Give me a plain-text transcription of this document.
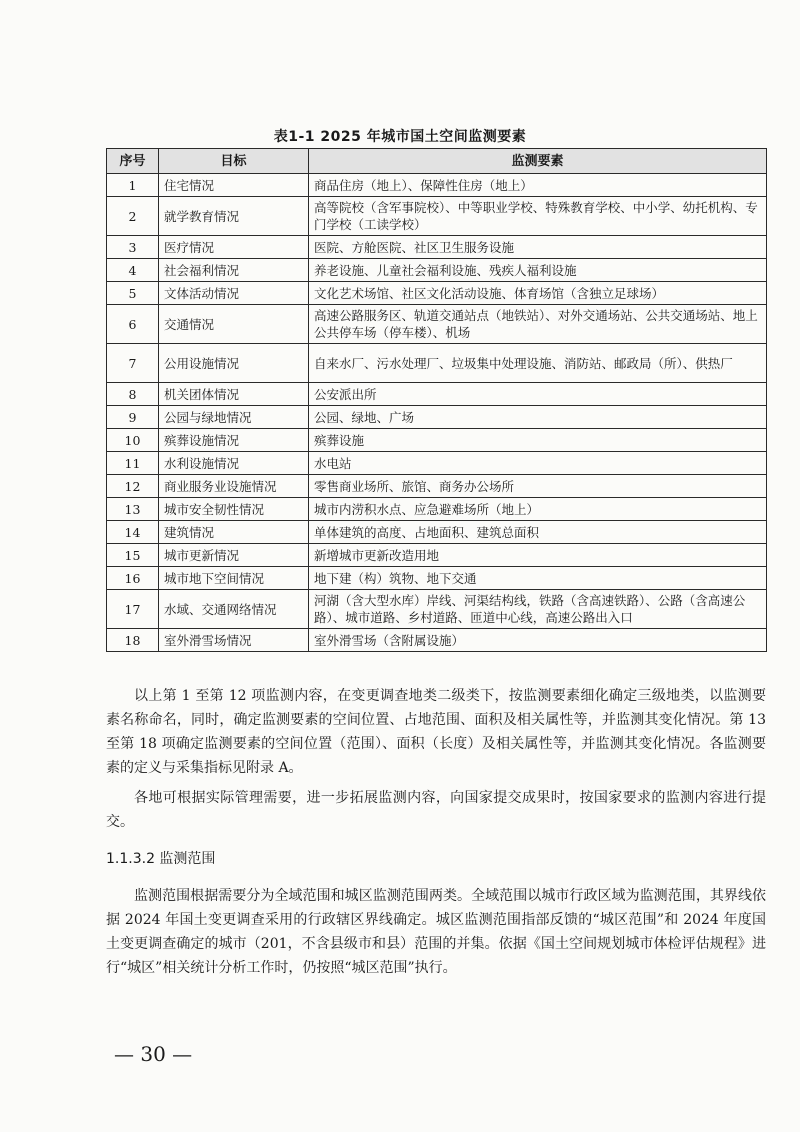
表1-1 2025 年城市国土空间监测要素
序号	目标	监测要素
1	住宅情况	商品住房（地上）、保障性住房（地上）
2	就学教育情况	高等院校（含军事院校）、中等职业学校、特殊教育学校、中小学、幼托机构、专门学校（工读学校）
3	医疗情况	医院、方舱医院、社区卫生服务设施
4	社会福利情况	养老设施、儿童社会福利设施、残疾人福利设施
5	文体活动情况	文化艺术场馆、社区文化活动设施、体育场馆（含独立足球场）
6	交通情况	高速公路服务区、轨道交通站点（地铁站）、对外交通场站、公共交通场站、地上公共停车场（停车楼）、机场
7	公用设施情况	自来水厂、污水处理厂、垃圾集中处理设施、消防站、邮政局（所）、供热厂
8	机关团体情况	公安派出所
9	公园与绿地情况	公园、绿地、广场
10	殡葬设施情况	殡葬设施
11	水利设施情况	水电站
12	商业服务业设施情况	零售商业场所、旅馆、商务办公场所
13	城市安全韧性情况	城市内涝积水点、应急避难场所（地上）
14	建筑情况	单体建筑的高度、占地面积、建筑总面积
15	城市更新情况	新增城市更新改造用地
16	城市地下空间情况	地下建（构）筑物、地下交通
17	水域、交通网络情况	河湖（含大型水库）岸线、河渠结构线，铁路（含高速铁路）、公路（含高速公路）、城市道路、乡村道路、匝道中心线，高速公路出入口
18	室外滑雪场情况	室外滑雪场（含附属设施）

以上第 1 至第 12 项监测内容，在变更调查地类二级类下，按监测要素细化确定三级地类，以监测要素名称命名，同时，确定监测要素的空间位置、占地范围、面积及相关属性等，并监测其变化情况。第 13 至第 18 项确定监测要素的空间位置（范围）、面积（长度）及相关属性等，并监测其变化情况。各监测要素的定义与采集指标见附录 A。

各地可根据实际管理需要，进一步拓展监测内容，向国家提交成果时，按国家要求的监测内容进行提交。

1.1.3.2 监测范围

监测范围根据需要分为全域范围和城区监测范围两类。全域范围以城市行政区域为监测范围，其界线依据 2024 年国土变更调查采用的行政辖区界线确定。城区监测范围指部反馈的“城区范围”和 2024 年度国土变更调查确定的城市（201，不含县级市和县）范围的并集。依据《国土空间规划城市体检评估规程》进行“城区”相关统计分析工作时，仍按照“城区范围”执行。

— 30 —
